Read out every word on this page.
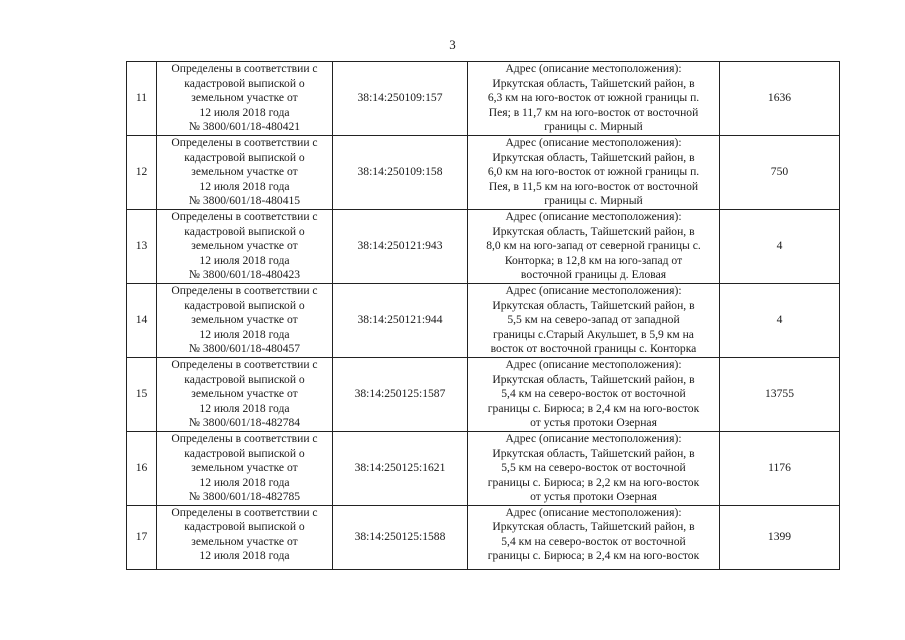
3
11	Определены в соответствии с
кадастровой выпиской о
земельном участке от
12 июля 2018 года
№ 3800/601/18-480421	38:14:250109:157	Адрес (описание местоположения):
Иркутская область, Тайшетский район, в
6,3 км на юго-восток от южной границы п.
Пея; в 11,7 км на юго-восток от восточной
границы с. Мирный	1636
12	Определены в соответствии с
кадастровой выпиской о
земельном участке от
12 июля 2018 года
№ 3800/601/18-480415	38:14:250109:158	Адрес (описание местоположения):
Иркутская область, Тайшетский район, в
6,0 км на юго-восток от южной границы п.
Пея, в 11,5 км на юго-восток от восточной
границы с. Мирный	750
13	Определены в соответствии с
кадастровой выпиской о
земельном участке от
12 июля 2018 года
№ 3800/601/18-480423	38:14:250121:943	Адрес (описание местоположения):
Иркутская область, Тайшетский район, в
8,0 км на юго-запад от северной границы с.
Конторка; в 12,8 км на юго-запад от
восточной границы д. Еловая	4
14	Определены в соответствии с
кадастровой выпиской о
земельном участке от
12 июля 2018 года
№ 3800/601/18-480457	38:14:250121:944	Адрес (описание местоположения):
Иркутская область, Тайшетский район, в
5,5 км на северо-запад от западной
границы с.Старый Акульшет, в 5,9 км на
восток от восточной границы с. Конторка	4
15	Определены в соответствии с
кадастровой выпиской о
земельном участке от
12 июля 2018 года
№ 3800/601/18-482784	38:14:250125:1587	Адрес (описание местоположения):
Иркутская область, Тайшетский район, в
5,4 км на северо-восток от восточной
границы с. Бирюса; в 2,4 км на юго-восток
от устья протоки Озерная	13755
16	Определены в соответствии с
кадастровой выпиской о
земельном участке от
12 июля 2018 года
№ 3800/601/18-482785	38:14:250125:1621	Адрес (описание местоположения):
Иркутская область, Тайшетский район, в
5,5 км на северо-восток от восточной
границы с. Бирюса; в 2,2 км на юго-восток
от устья протоки Озерная	1176
17	Определены в соответствии с
кадастровой выпиской о
земельном участке от
12 июля 2018 года	38:14:250125:1588	Адрес (описание местоположения):
Иркутская область, Тайшетский район, в
5,4 км на северо-восток от восточной
границы с. Бирюса; в 2,4 км на юго-восток	1399
